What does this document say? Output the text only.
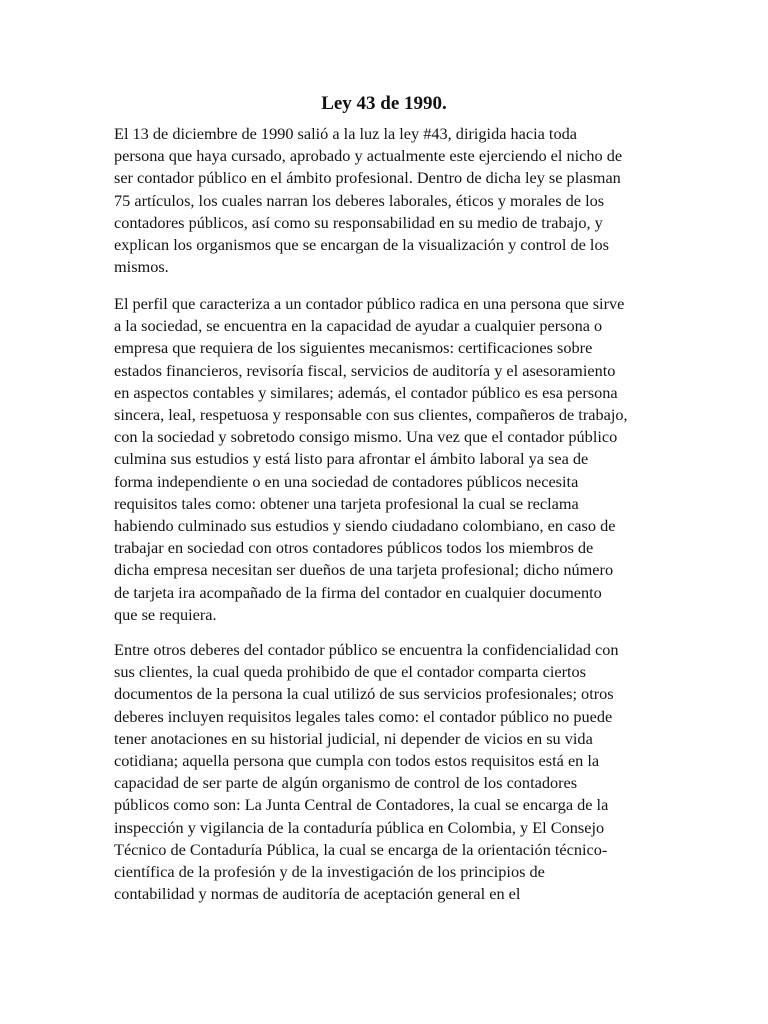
Ley 43 de 1990.

El 13 de diciembre de 1990 salió a la luz la ley #43, dirigida hacia toda
persona que haya cursado, aprobado y actualmente este ejerciendo el nicho de
ser contador público en el ámbito profesional. Dentro de dicha ley se plasman
75 artículos, los cuales narran los deberes laborales, éticos y morales de los
contadores públicos, así como su responsabilidad en su medio de trabajo, y
explican los organismos que se encargan de la visualización y control de los
mismos.

El perfil que caracteriza a un contador público radica en una persona que sirve
a la sociedad, se encuentra en la capacidad de ayudar a cualquier persona o
empresa que requiera de los siguientes mecanismos: certificaciones sobre
estados financieros, revisoría fiscal, servicios de auditoría y el asesoramiento
en aspectos contables y similares; además, el contador público es esa persona
sincera, leal, respetuosa y responsable con sus clientes, compañeros de trabajo,
con la sociedad y sobretodo consigo mismo. Una vez que el contador público
culmina sus estudios y está listo para afrontar el ámbito laboral ya sea de
forma independiente o en una sociedad de contadores públicos necesita
requisitos tales como: obtener una tarjeta profesional la cual se reclama
habiendo culminado sus estudios y siendo ciudadano colombiano, en caso de
trabajar en sociedad con otros contadores públicos todos los miembros de
dicha empresa necesitan ser dueños de una tarjeta profesional; dicho número
de tarjeta ira acompañado de la firma del contador en cualquier documento
que se requiera.

Entre otros deberes del contador público se encuentra la confidencialidad con
sus clientes, la cual queda prohibido de que el contador comparta ciertos
documentos de la persona la cual utilizó de sus servicios profesionales; otros
deberes incluyen requisitos legales tales como: el contador público no puede
tener anotaciones en su historial judicial, ni depender de vicios en su vida
cotidiana; aquella persona que cumpla con todos estos requisitos está en la
capacidad de ser parte de algún organismo de control de los contadores
públicos como son: La Junta Central de Contadores, la cual se encarga de la
inspección y vigilancia de la contaduría pública en Colombia, y El Consejo
Técnico de Contaduría Pública, la cual se encarga de la orientación técnico-
científica de la profesión y de la investigación de los principios de
contabilidad y normas de auditoría de aceptación general en el
